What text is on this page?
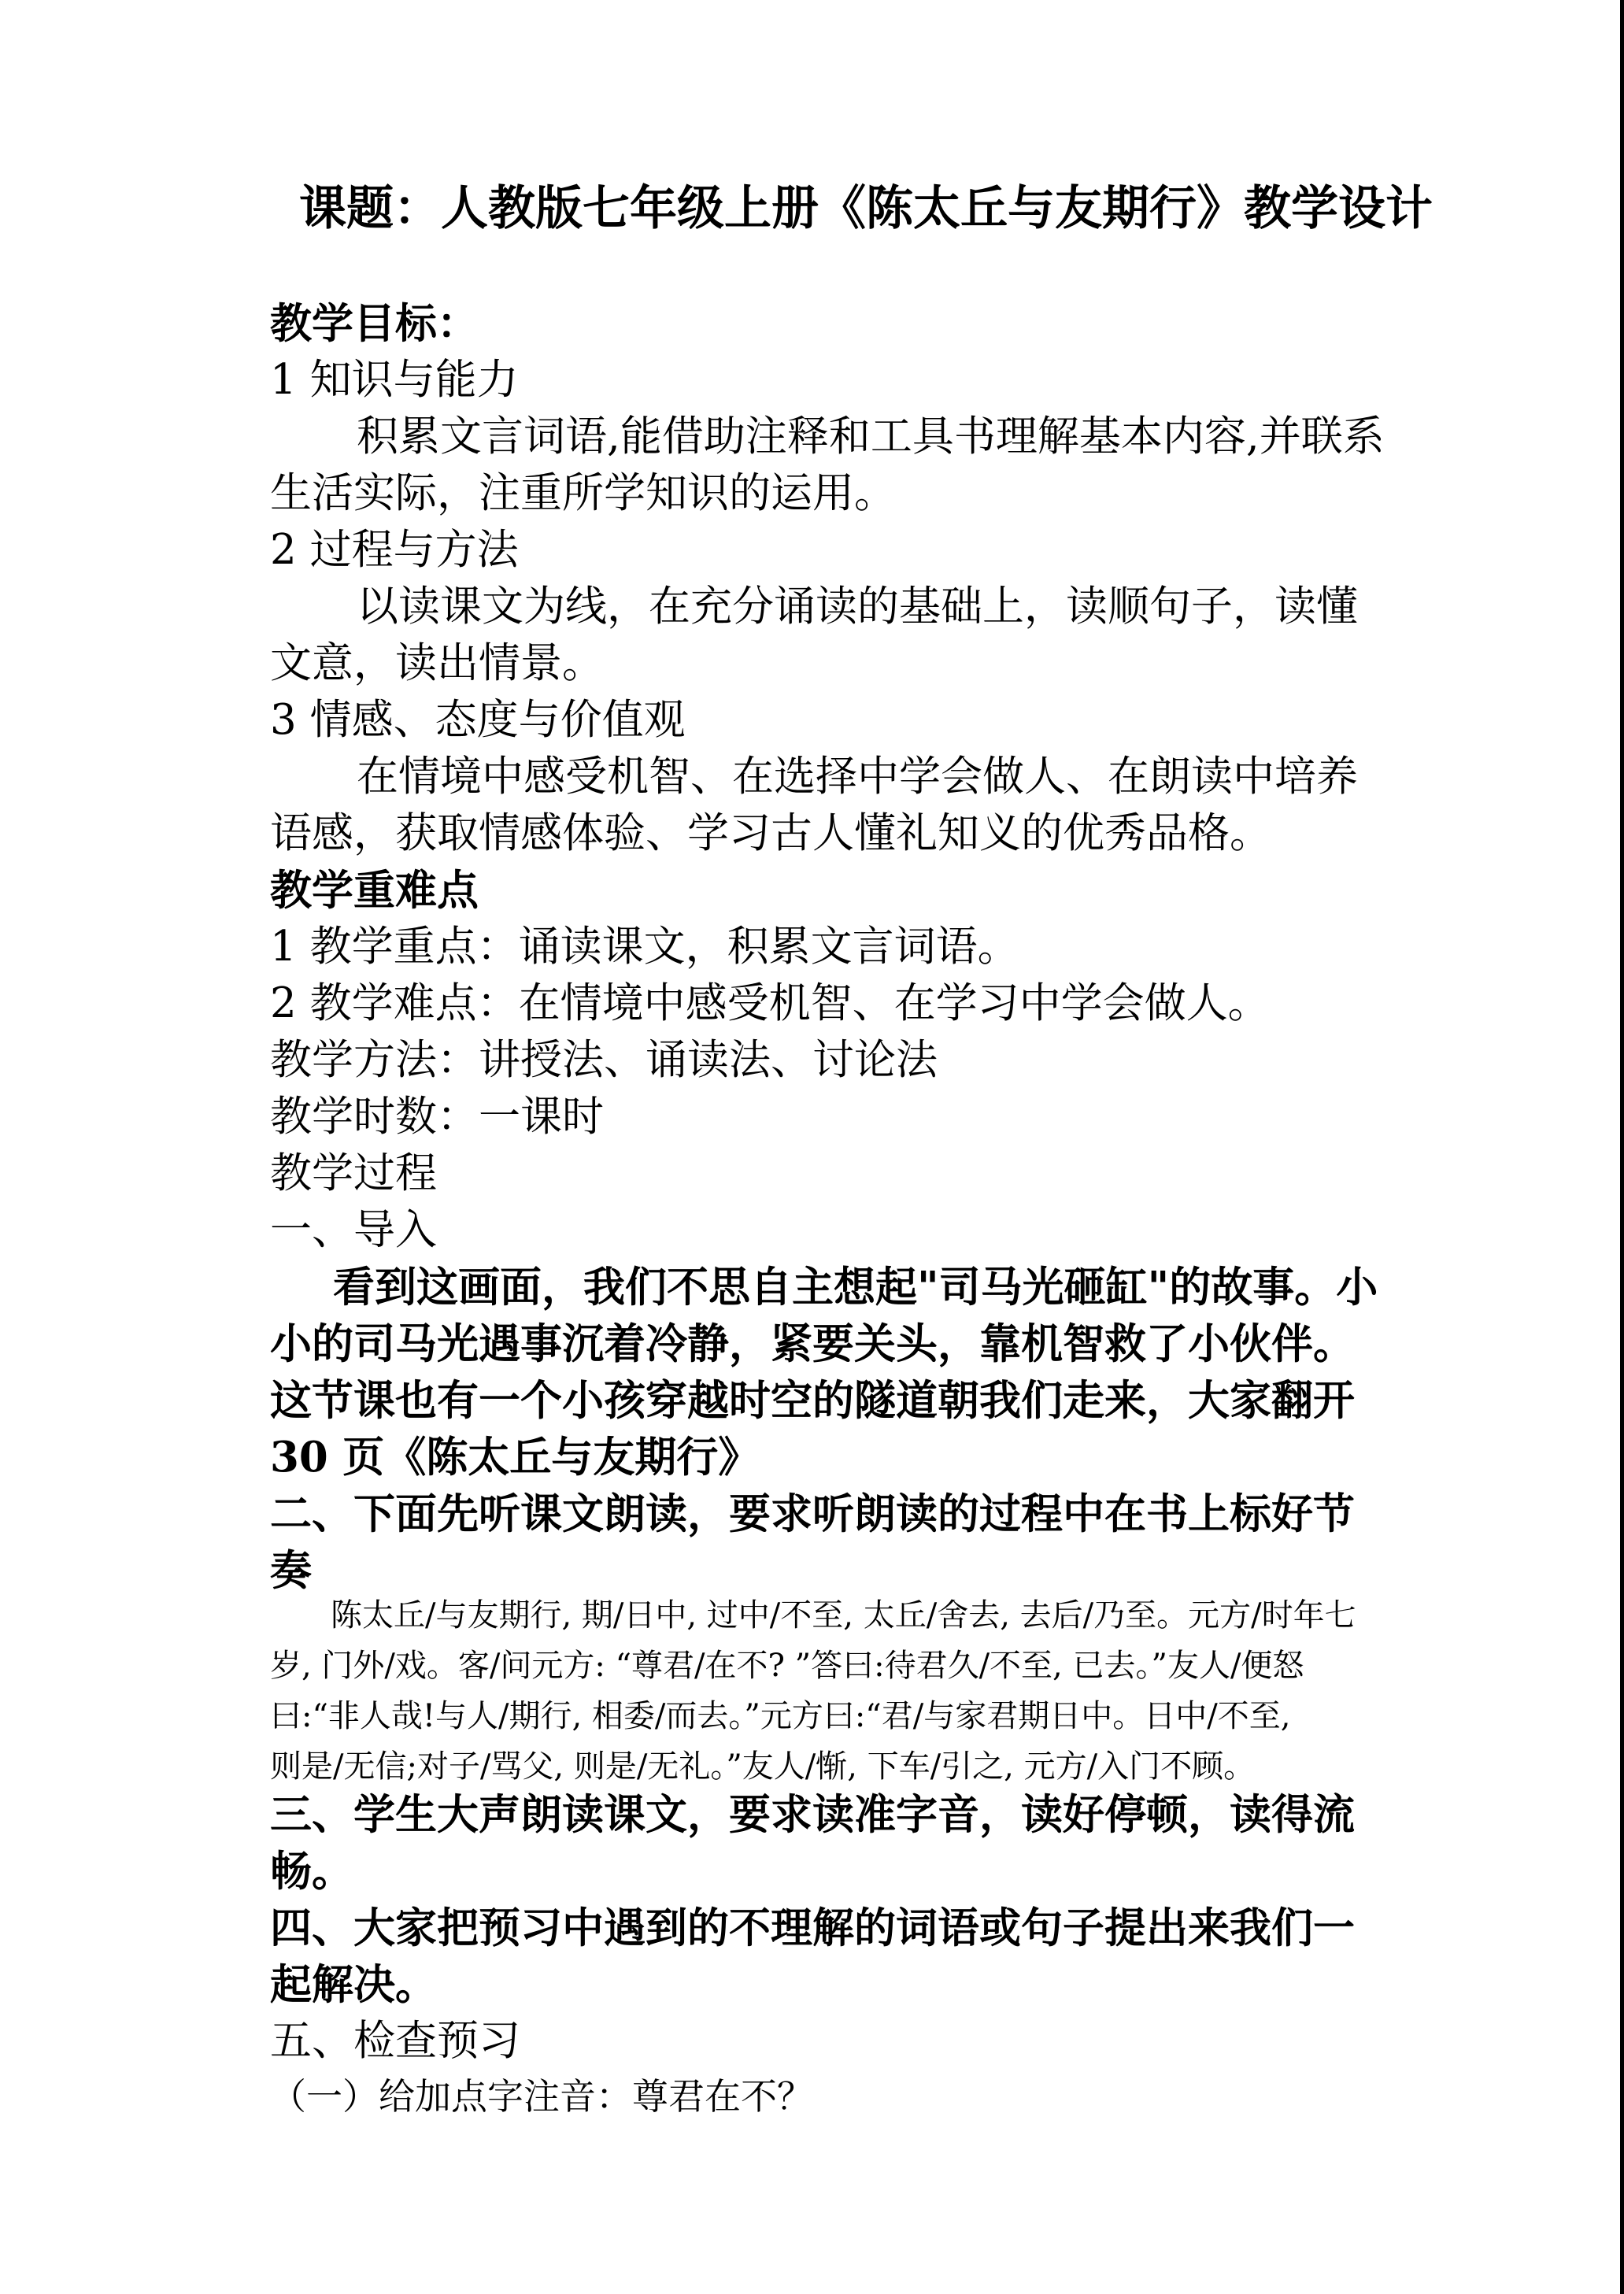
课题：人教版七年级上册《陈太丘与友期行》教学设计
教学目标：
1 知识与能力
积累文言词语,能借助注释和工具书理解基本内容,并联系
生活实际，注重所学知识的运用。
2 过程与方法
以读课文为线，在充分诵读的基础上，读顺句子，读懂
文意，读出情景。
3 情感、态度与价值观
在情境中感受机智、在选择中学会做人、在朗读中培养
语感，获取情感体验、学习古人懂礼知义的优秀品格。
教学重难点
1 教学重点：诵读课文，积累文言词语。
2 教学难点：在情境中感受机智、在学习中学会做人。
教学方法：讲授法、诵读法、讨论法
教学时数：一课时
教学过程
一、导入
看到这画面，我们不思自主想起"司马光砸缸"的故事。小
小的司马光遇事沉着冷静，紧要关头，靠机智救了小伙伴。
这节课也有一个小孩穿越时空的隧道朝我们走来，大家翻开
30 页《陈太丘与友期行》
二、下面先听课文朗读，要求听朗读的过程中在书上标好节
奏
陈太丘/与友期行, 期/日中, 过中/不至, 太丘/舍去, 去后/乃至。元方/时年七
岁, 门外/戏。客/问元方: “尊君/在不? ”答曰:待君久/不至, 已去。”友人/便怒
曰:“非人哉!与人/期行, 相委/而去。”元方曰:“君/与家君期日中。日中/不至,
则是/无信;对子/骂父, 则是/无礼。”友人/惭, 下车/引之, 元方/入门不顾。
三、学生大声朗读课文，要求读准字音，读好停顿，读得流
畅。
四、大家把预习中遇到的不理解的词语或句子提出来我们一
起解决。
五、检查预习
（一）给加点字注音：尊君在不？
